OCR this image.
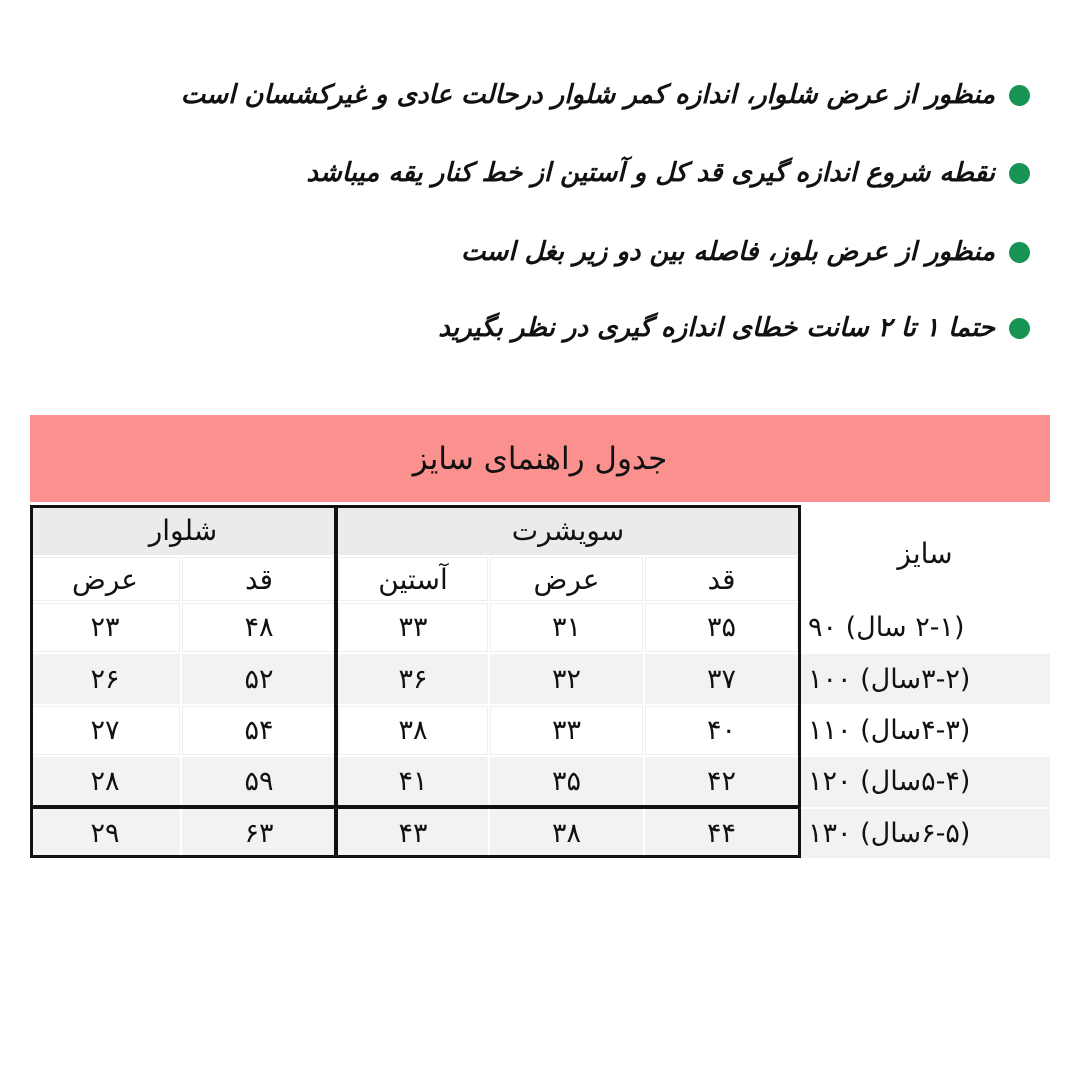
منظور از عرض شلوار، اندازه کمر شلوار درحالت عادی و غیرکشسان است
نقطه شروع اندازه گیری قد کل و آستین از خط کنار یقه میباشد
منظور از عرض بلوز، فاصله بین دو زیر بغل است
حتما ۱ تا ۲ سانت خطای اندازه گیری در نظر بگیرید
جدول راهنمای سایز
شلوار	سویشرت
سایز
عرض	قد	آستین	عرض	قد
۲۳	۴۸	۳۳	۳۱	۳۵	(۲-۱ سال) ۹۰
۲۶	۵۲	۳۶	۳۲	۳۷	(۳-۲سال) ۱۰۰
۲۷	۵۴	۳۸	۳۳	۴۰	(۴-۳سال) ۱۱۰
۲۸	۵۹	۴۱	۳۵	۴۲	(۵-۴سال) ۱۲۰
۲۹	۶۳	۴۳	۳۸	۴۴	(۶-۵سال) ۱۳۰
